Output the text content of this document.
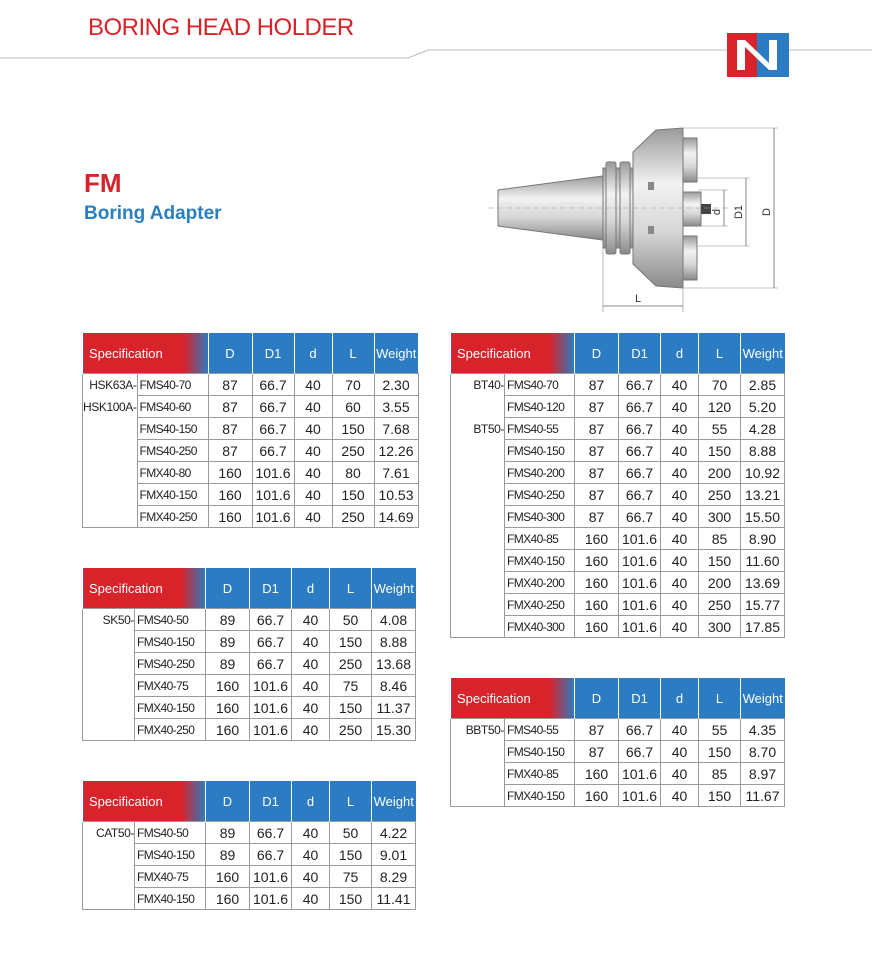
BORING HEAD HOLDER
FM
Boring Adapter	d D1 D
L
Specification		D	D1	d	L	Weight
HSK63A-	FMS40-70	87	66.7	40	70	2.30
HSK100A-	FMS40-60	87	66.7	40	60	3.55
	FMS40-150	87	66.7	40	150	7.68
	FMS40-250	87	66.7	40	250	12.26
	FMX40-80	160	101.6	40	80	7.61
	FMX40-150	160	101.6	40	150	10.53
	FMX40-250	160	101.6	40	250	14.69
Specification		D	D1	d	L	Weight
SK50-	FMS40-50	89	66.7	40	50	4.08
	FMS40-150	89	66.7	40	150	8.88
	FMS40-250	89	66.7	40	250	13.68
	FMX40-75	160	101.6	40	75	8.46
	FMX40-150	160	101.6	40	150	11.37
	FMX40-250	160	101.6	40	250	15.30
Specification		D	D1	d	L	Weight
CAT50-	FMS40-50	89	66.7	40	50	4.22
	FMS40-150	89	66.7	40	150	9.01
	FMX40-75	160	101.6	40	75	8.29
	FMX40-150	160	101.6	40	150	11.41
Specification		D	D1	d	L	Weight
BT40-	FMS40-70	87	66.7	40	70	2.85
	FMS40-120	87	66.7	40	120	5.20
BT50-	FMS40-55	87	66.7	40	55	4.28
	FMS40-150	87	66.7	40	150	8.88
	FMS40-200	87	66.7	40	200	10.92
	FMS40-250	87	66.7	40	250	13.21
	FMS40-300	87	66.7	40	300	15.50
	FMX40-85	160	101.6	40	85	8.90
	FMX40-150	160	101.6	40	150	11.60
	FMX40-200	160	101.6	40	200	13.69
	FMX40-250	160	101.6	40	250	15.77
	FMX40-300	160	101.6	40	300	17.85
Specification		D	D1	d	L	Weight
BBT50-	FMS40-55	87	66.7	40	55	4.35
	FMS40-150	87	66.7	40	150	8.70
	FMX40-85	160	101.6	40	85	8.97
	FMX40-150	160	101.6	40	150	11.67
